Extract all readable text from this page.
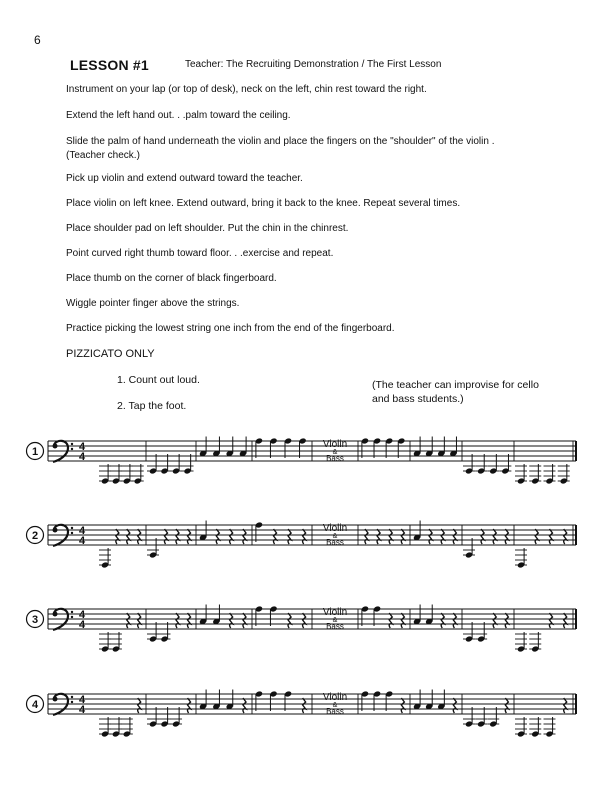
6
LESSON #1	Teacher: The Recruiting Demonstration / The First Lesson

Instrument on your lap (or top of desk), neck on the left, chin rest toward the right.

Extend the left hand out. . .palm toward the ceiling.

Slide the palm of hand underneath the violin and place the fingers on the "shoulder" of the violin .
(Teacher check.)

Pick up violin and extend outward toward the teacher.

Place violin on left knee. Extend outward, bring it back to the knee. Repeat several times.

Place shoulder pad on left shoulder. Put the chin in the chinrest.

Point curved right thumb toward floor. . .exercise and repeat.

Place thumb on the corner of black fingerboard.

Wiggle pointer finger above the strings.

Practice picking the lowest string one inch from the end of the fingerboard.

PIZZICATO ONLY
1. Count out loud.
2. Tap the foot.
(The teacher can improvise for cello and bass students.)
1	4
4
Violin
&
Bass
2	4
4
Violin
&
Bass
3	4
4
Violin
&
Bass
4	4
4
Violin
&
Bass
